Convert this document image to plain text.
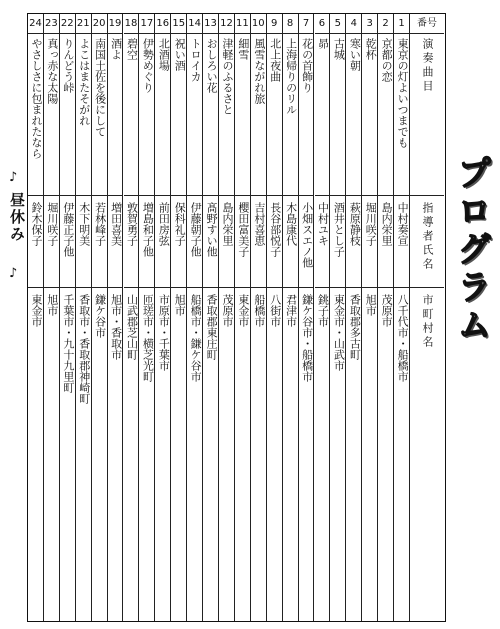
1
東京の灯よいつまでも
中村奏宣
八千代市・船橋市
2
京都の恋
島内栄里
茂原市
3
乾杯
堀川咲子
旭市
4
寒い朝
萩原静枝
香取郡多古町
5
古城
酒井とし子
東金市・山武市
6
昴
中村ユキ
銚子市
7
花の首飾り
小畑スエノ他
鎌ケ谷市・船橋市
8
上海帰りのリル
木島康代
君津市
9
北上夜曲
長谷部悦子
八街市
10
風雪ながれ旅
吉村喜恵
船橋市
11
細雪
櫻田富美子
東金市
12
津軽のふるさと
島内栄里
茂原市
13
おしろい花
髙野すい他
香取郡東庄町
14
トロイカ
伊藤朝子他
船橋市・鎌ケ谷市
15
祝い酒
保科礼子
旭市
16
北酒場
前田房弦
市原市・千葉市
17
伊勢めぐり
増島和子他
匝瑳市・横芝光町
18
碧空
敦賀勇子
山武郡芝山町
19
酒よ
増田喜美
旭市・香取市
20
南国土佐を後にして
若林峰子
鎌ケ谷市
21
よこはまたそがれ
木下明美
香取市・香取郡神崎町
22
りんどう峠
伊藤正子他
千葉市・九十九里町
23
真っ赤な太陽
堀川咲子
旭市
24
やさしさに包まれたなら
鈴木保子
東金市
番号
演奏曲目
指導者氏名
市町村名
♪
昼休み
♪	プログラム
